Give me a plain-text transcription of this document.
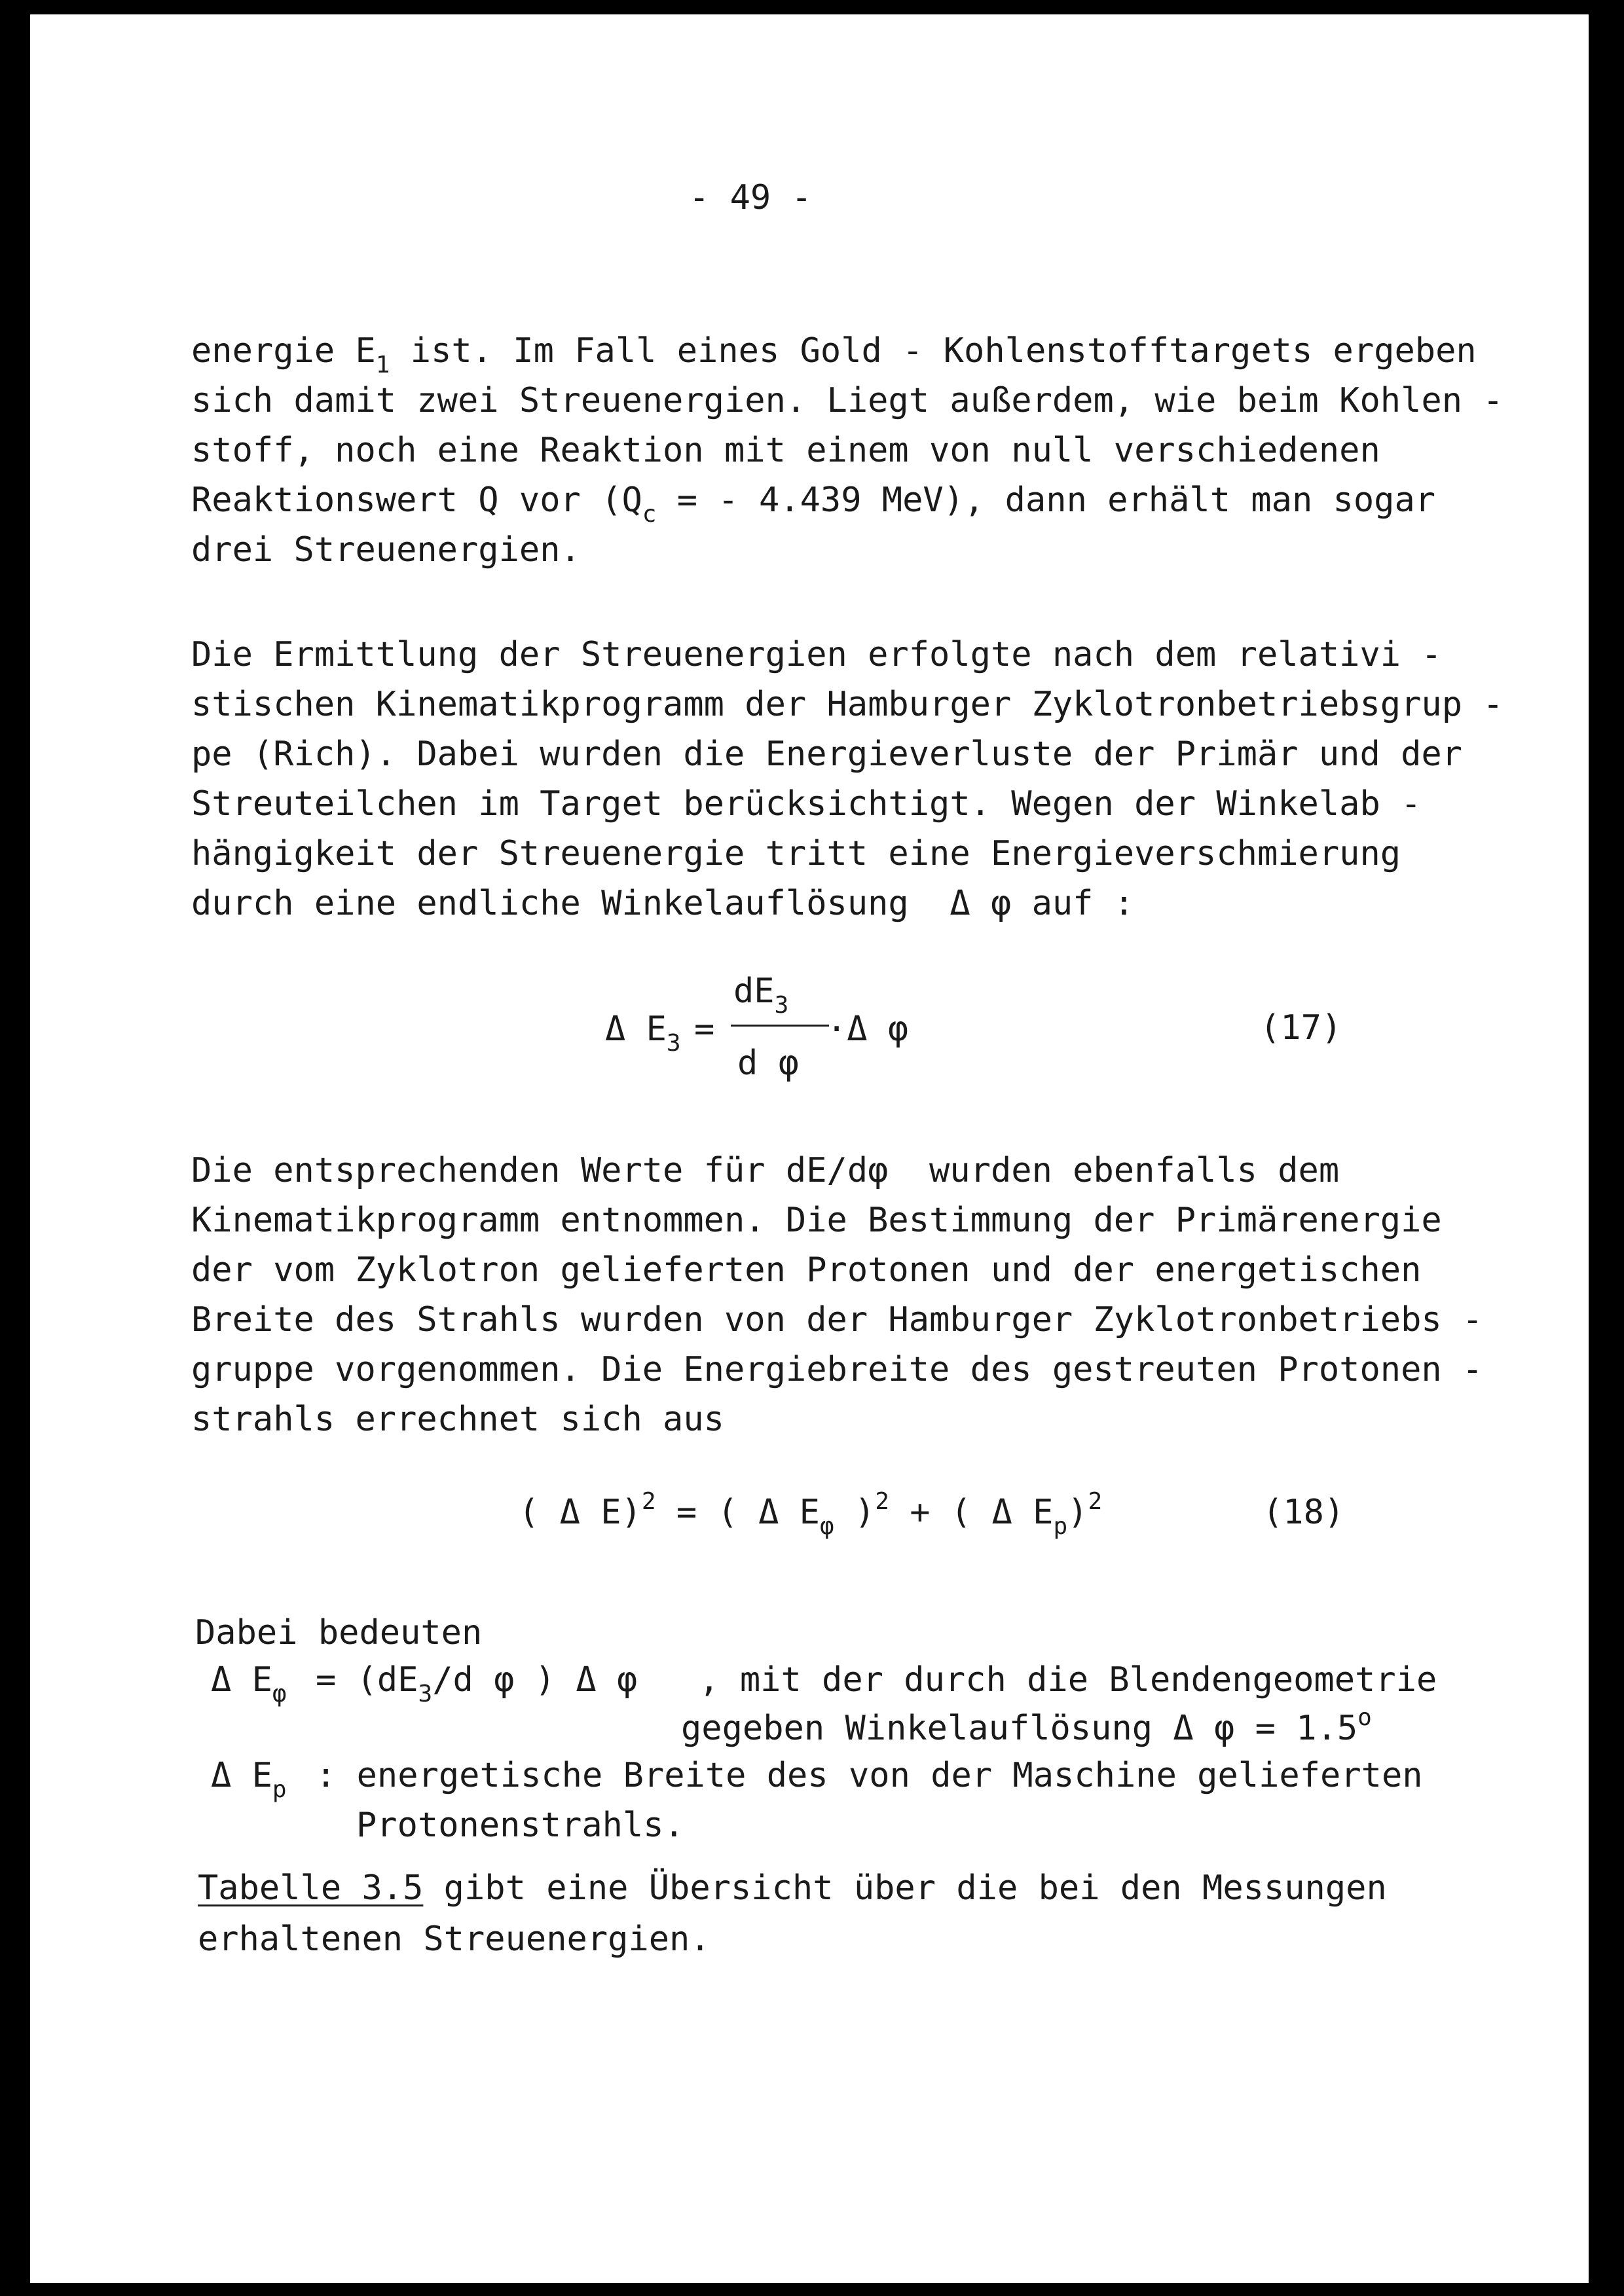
- 49 -
energie $E_1$ ist. Im Fall eines Gold - Kohlenstofftargets ergeben
sich damit zwei Streuenergien. Liegt außerdem, wie beim Kohlen -
stoff, noch eine Reaktion mit einem von null verschiedenen
Reaktionswert Q vor ($Q_c$ = - 4.439 MeV), dann erhält man sogar
drei Streuenergien.
Die Ermittlung der Streuenergien erfolgte nach dem relativi -
stischen Kinematikprogramm der Hamburger Zyklotronbetriebsgrup -
pe (Rich). Dabei wurden die Energieverluste der Primär und der
Streuteilchen im Target berücksichtigt. Wegen der Winkelab -
hängigkeit der Streuenergie tritt eine Energieverschmierung
durch eine endliche Winkelauflösung  Δ φ auf :
Δ $E_3$ =
$dE_3$
d φ
·Δ φ	(17)
Die entsprechenden Werte für dE/dφ  wurden ebenfalls dem
Kinematikprogramm entnommen. Die Bestimmung der Primärenergie
der vom Zyklotron gelieferten Protonen und der energetischen
Breite des Strahls wurden von der Hamburger Zyklotronbetriebs -
gruppe vorgenommen. Die Energiebreite des gestreuten Protonen -
strahls errechnet sich aus
( Δ E)$^2$ = ( Δ $E_\varphi$ )$^2$ + ( Δ $E_p)^2$	(18)
Dabei bedeuten
Δ $E_\varphi = (dE_3/d$ φ ) Δ φ   , mit der durch die Blendengeometrie
gegeben Winkelauflösung Δ $\varphi = 1.5^o$
Δ $E_p$ : energetische Breite des von der Maschine gelieferten
Protonenstrahls.
Tabelle 3.5 gibt eine Übersicht über die bei den Messungen
erhaltenen Streuenergien.
